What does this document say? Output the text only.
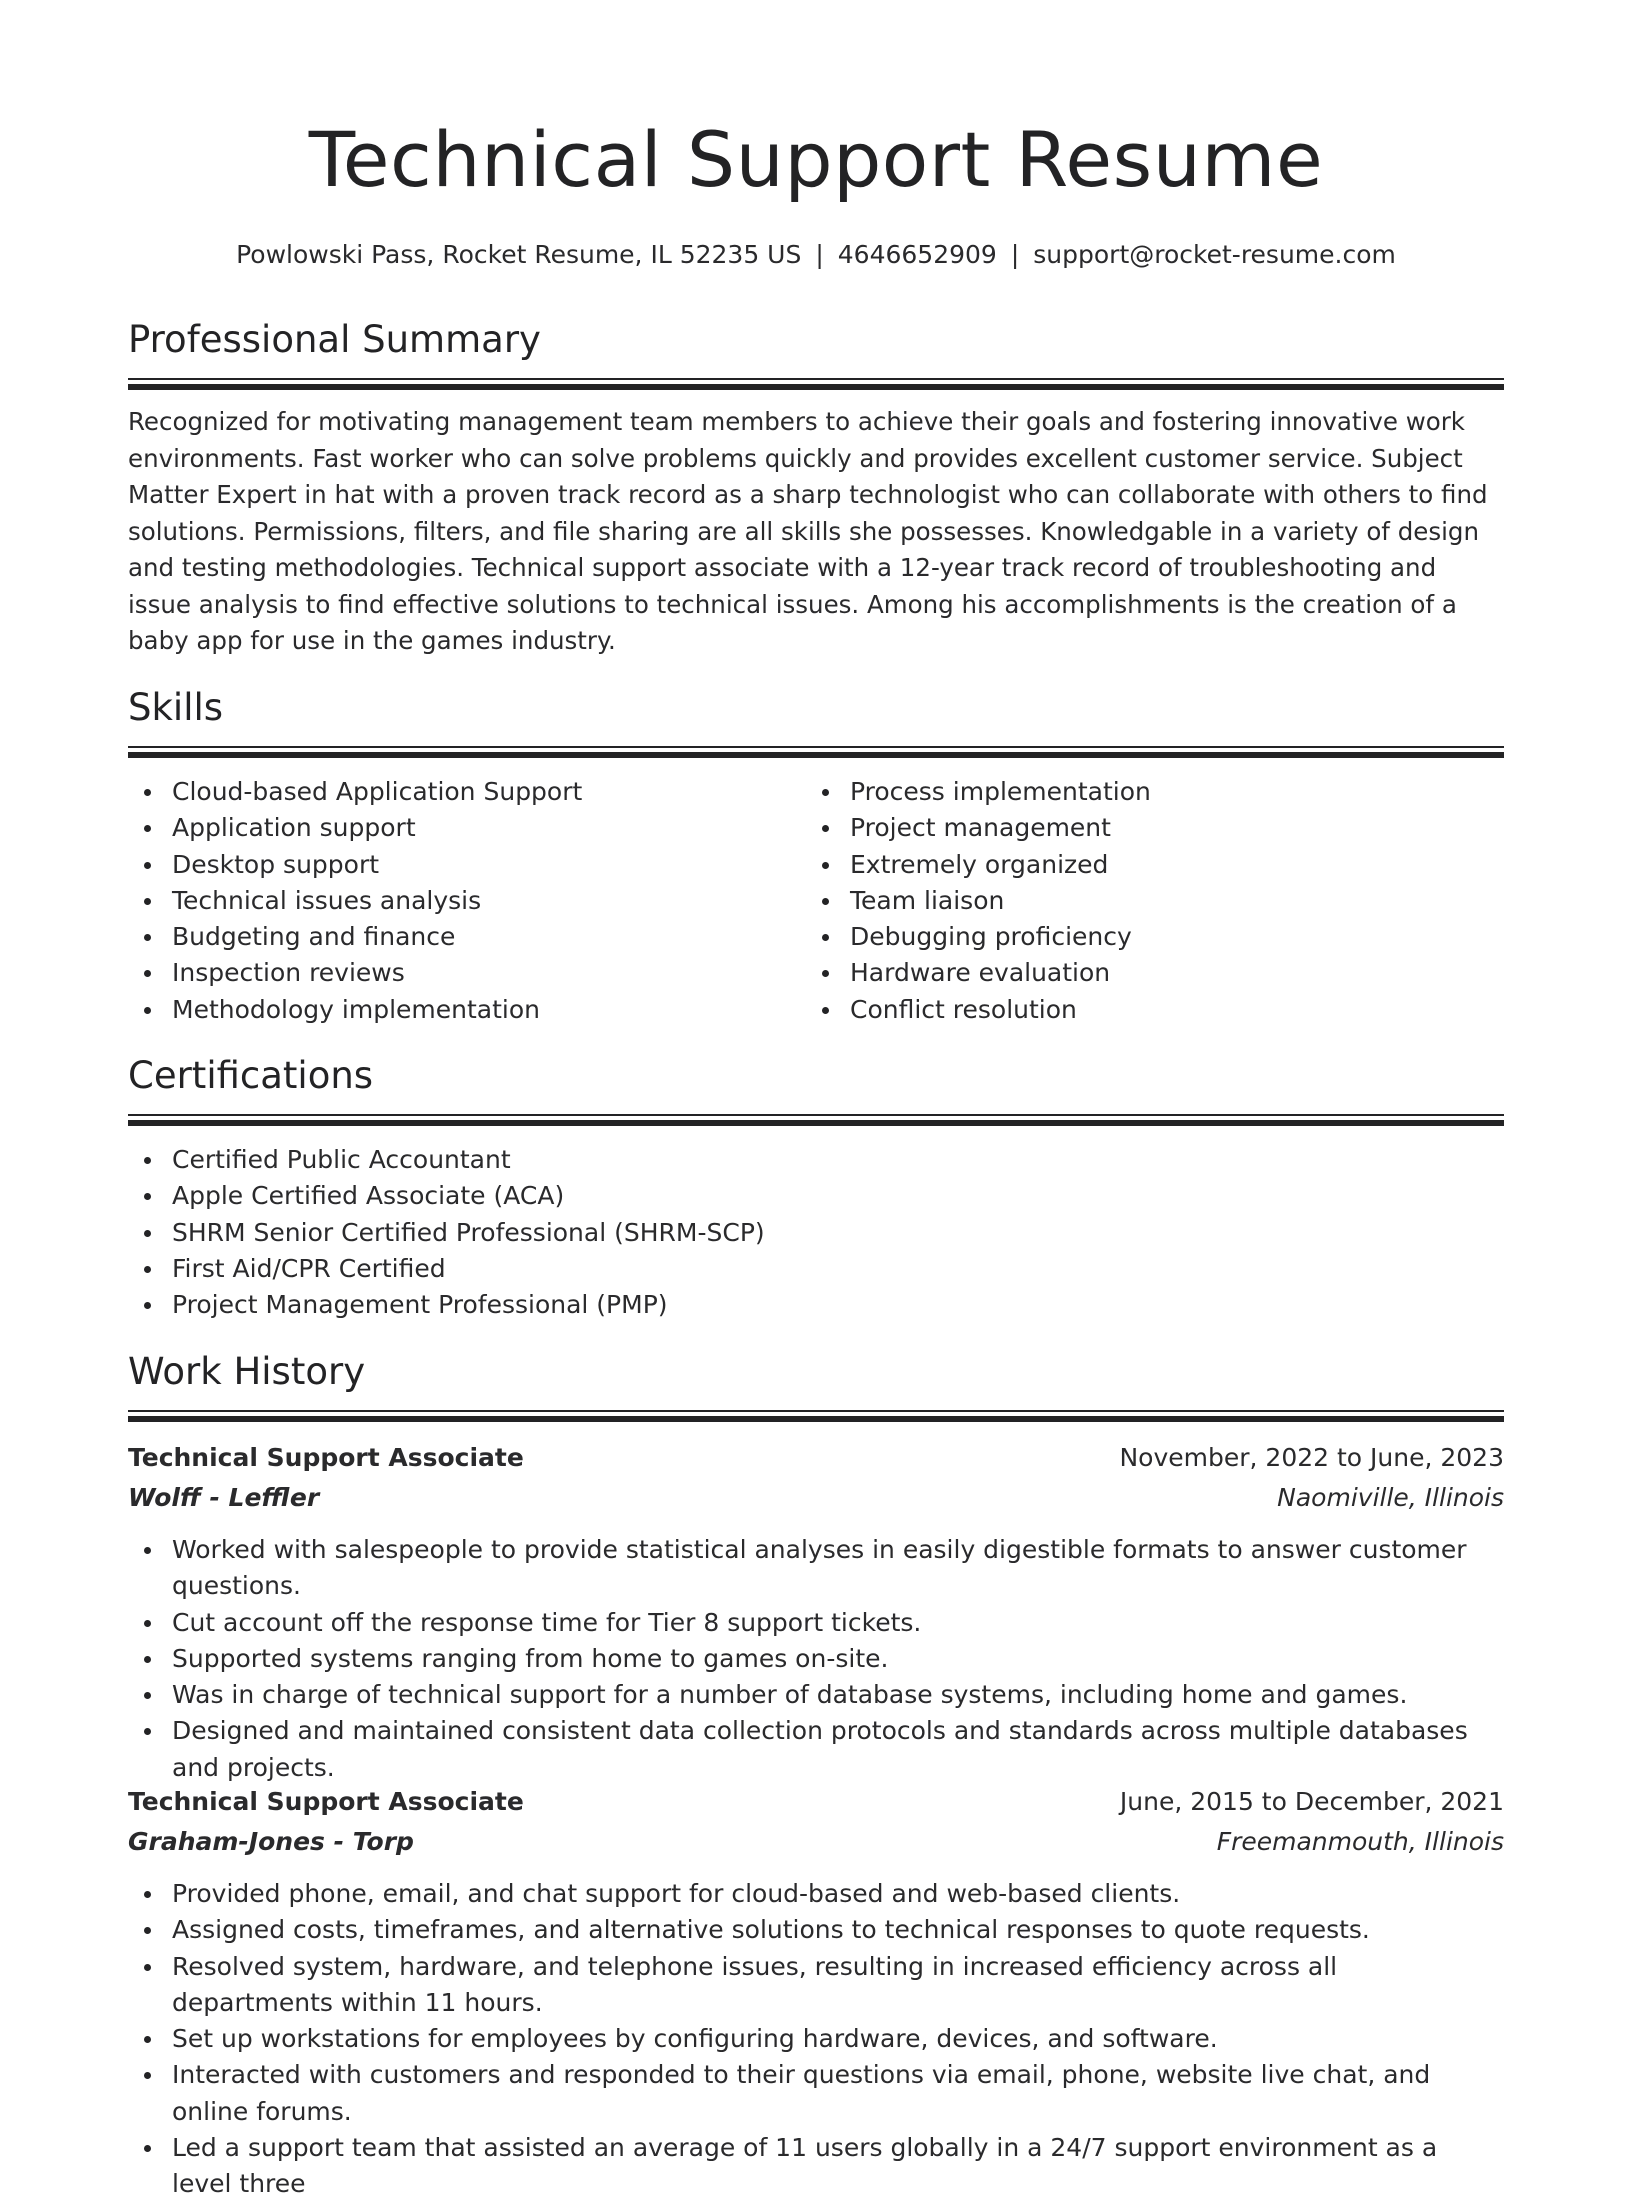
Technical Support Resume
Powlowski Pass, Rocket Resume, IL 52235 US | 4646652909 | support@rocket-resume.com
Professional Summary

Recognized for motivating management team members to achieve their goals and fostering innovative work environments. Fast worker who can solve problems quickly and provides excellent customer service. Subject Matter Expert in hat with a proven track record as a sharp technologist who can collaborate with others to find solutions. Permissions, filters, and file sharing are all skills she possesses. Knowledgable in a variety of design and testing methodologies. Technical support associate with a 12-year track record of troubleshooting and issue analysis to find effective solutions to technical issues. Among his accomplishments is the creation of a baby app for use in the games industry.

Skills
Cloud-based Application Support
Application support
Desktop support
Technical issues analysis
Budgeting and finance
Inspection reviews
Methodology implementation
Process implementation
Project management
Extremely organized
Team liaison
Debugging proficiency
Hardware evaluation
Conflict resolution
Certifications
Certified Public Accountant
Apple Certified Associate (ACA)
SHRM Senior Certified Professional (SHRM-SCP)
First Aid/CPR Certified
Project Management Professional (PMP)
Work History
Technical Support Associate	November, 2022 to June, 2023
Wolff - Leffler	Naomiville, Illinois
Worked with salespeople to provide statistical analyses in easily digestible formats to answer customer questions.
Cut account off the response time for Tier 8 support tickets.
Supported systems ranging from home to games on-site.
Was in charge of technical support for a number of database systems, including home and games.
Designed and maintained consistent data collection protocols and standards across multiple databases and projects.
Technical Support Associate	June, 2015 to December, 2021
Graham-Jones - Torp	Freemanmouth, Illinois
Provided phone, email, and chat support for cloud-based and web-based clients.
Assigned costs, timeframes, and alternative solutions to technical responses to quote requests.
Resolved system, hardware, and telephone issues, resulting in increased efficiency across all departments within 11 hours.
Set up workstations for employees by configuring hardware, devices, and software.
Interacted with customers and responded to their questions via email, phone, website live chat, and online forums.
Led a support team that assisted an average of 11 users globally in a 24/7 support environment as a level three
